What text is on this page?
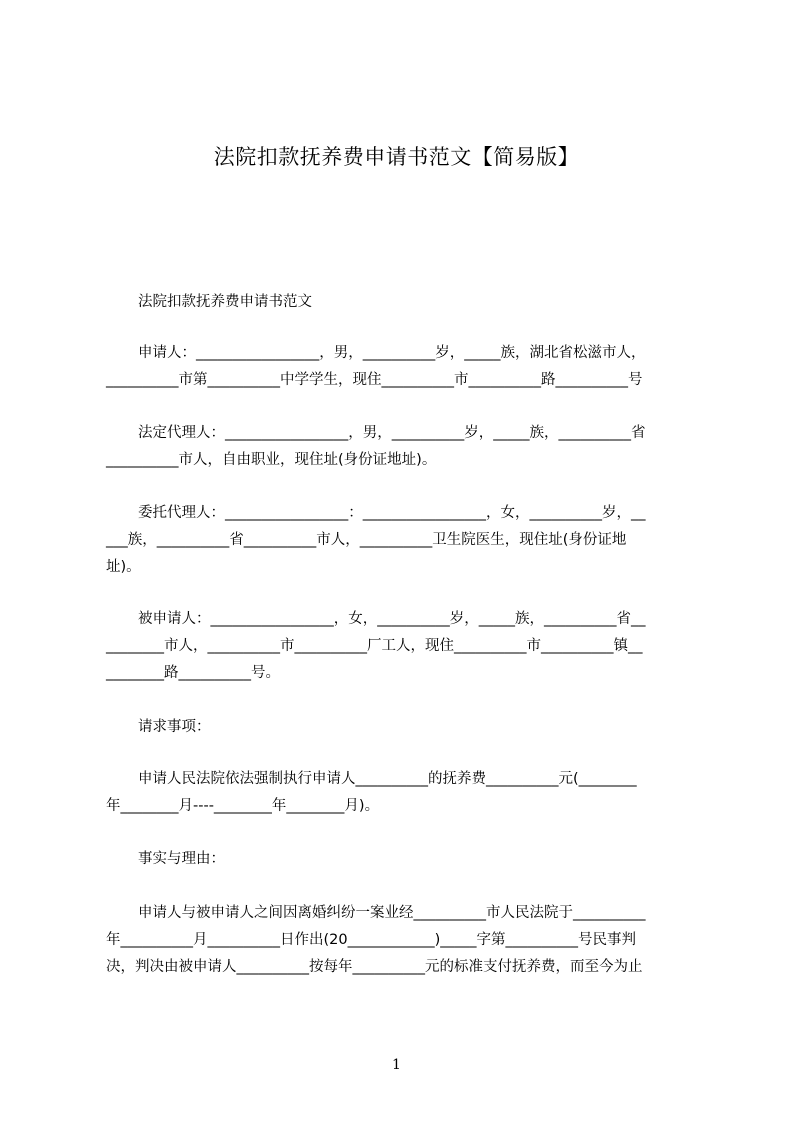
法院扣款抚养费申请书范文【简易版】

法院扣款抚养费申请书范文

申请人：_________________，男，__________岁，_____族，湖北省松滋市人，
__________市第__________中学学生，现住__________市__________路__________号

法定代理人：_________________，男，__________岁，_____族，__________省
__________市人，自由职业，现住址(身份证地址)。

委托代理人：_________________：_________________，女，__________岁，__
___族，__________省__________市人，__________卫生院医生，现住址(身份证地
址)。

被申请人：_________________，女，__________岁，_____族，__________省__
________市人，__________市__________厂工人，现住__________市__________镇__
________路__________号。

请求事项：

申请人民法院依法强制执行申请人__________的抚养费__________元(________
年________月----________年________月)。

事实与理由：

申请人与被申请人之间因离婚纠纷一案业经__________市人民法院于__________
年__________月__________日作出(20____________)_____字第__________号民事判
决，判决由被申请人__________按每年__________元的标准支付抚养费，而至今为止

1
